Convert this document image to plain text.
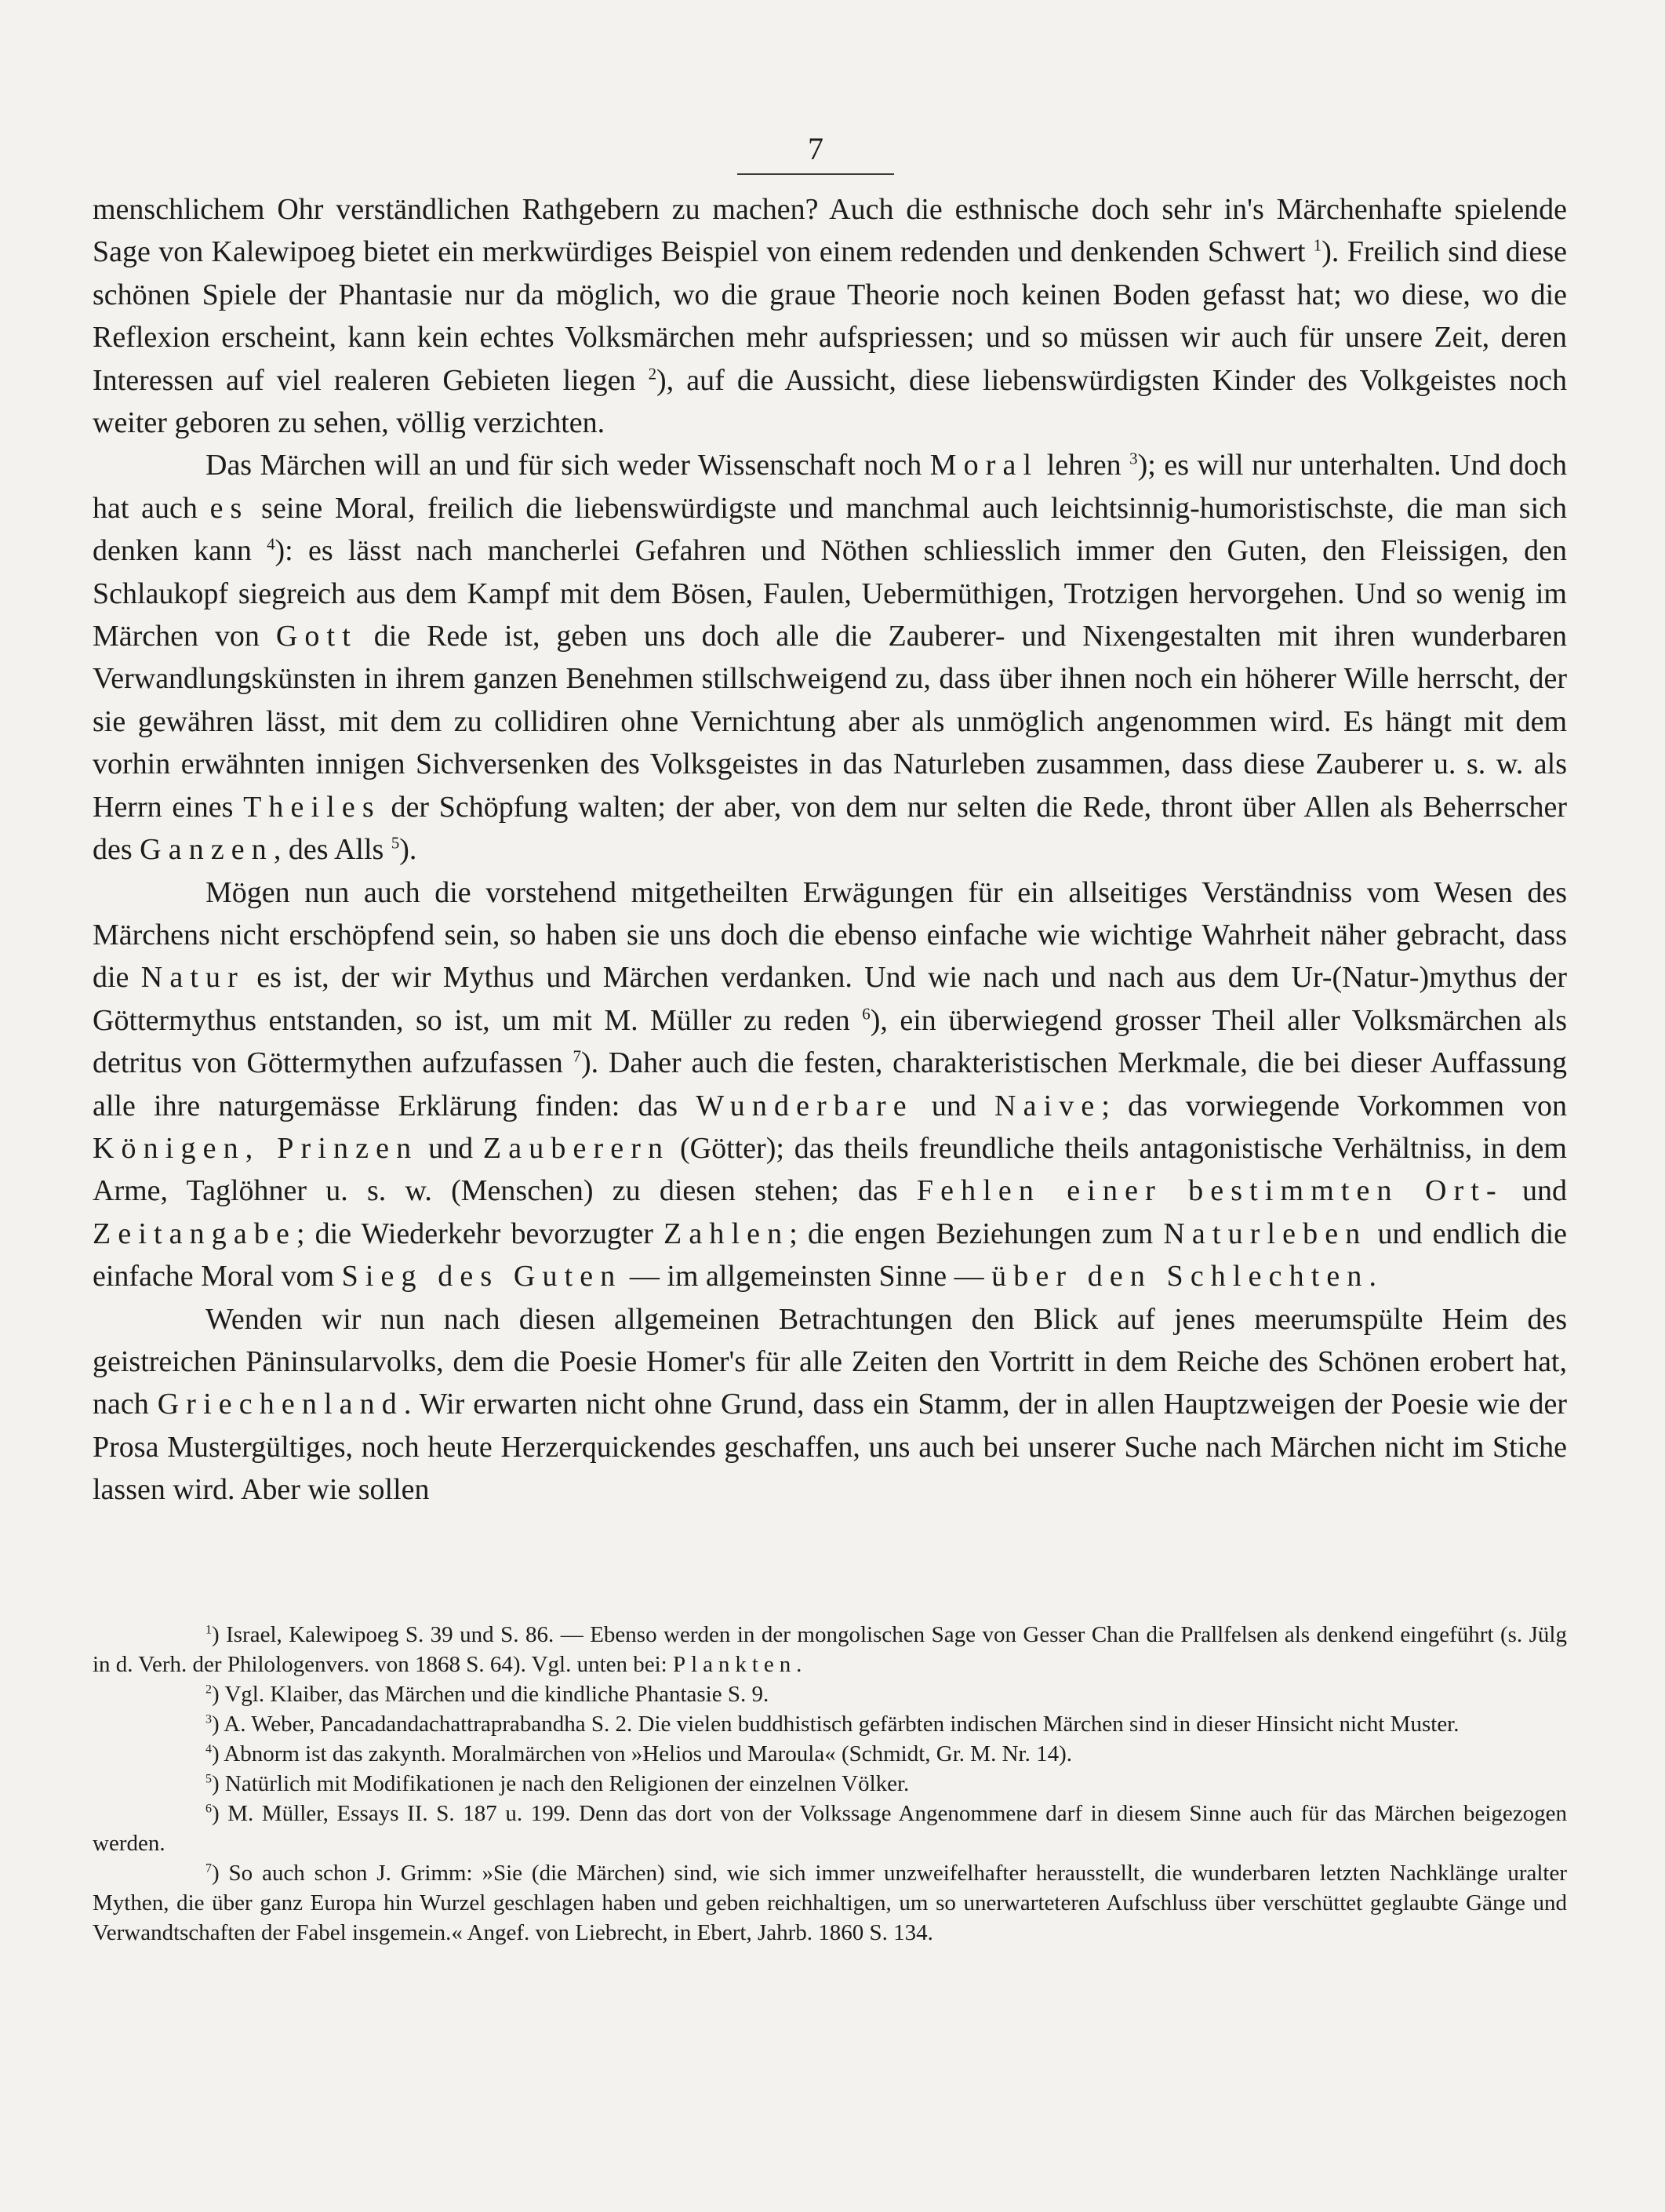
7

menschlichem Ohr verständlichen Rathgebern zu machen? Auch die esthnische doch sehr in's Märchenhafte spielende Sage von Kalewipoeg bietet ein merkwürdiges Beispiel von einem redenden und denkenden Schwert $^1$). Freilich sind diese schönen Spiele der Phantasie nur da möglich, wo die graue Theorie noch keinen Boden gefasst hat; wo diese, wo die Reflexion erscheint, kann kein echtes Volksmärchen mehr aufspriessen; und so müssen wir auch für unsere Zeit, deren Interessen auf viel realeren Gebieten liegen $^2$), auf die Aussicht, diese liebenswürdigsten Kinder des Volkgeistes noch weiter geboren zu sehen, völlig verzichten.

Das Märchen will an und für sich weder Wissenschaft noch Moral lehren $^3$); es will nur unterhalten. Und doch hat auch es seine Moral, freilich die liebenswürdigste und manchmal auch leichtsinnig-humoristischste, die man sich denken kann $^4$): es lässt nach mancherlei Gefahren und Nöthen schliesslich immer den Guten, den Fleissigen, den Schlaukopf siegreich aus dem Kampf mit dem Bösen, Faulen, Uebermüthigen, Trotzigen hervorgehen. Und so wenig im Märchen von Gott die Rede ist, geben uns doch alle die Zauberer- und Nixengestalten mit ihren wunderbaren Verwandlungskünsten in ihrem ganzen Benehmen stillschweigend zu, dass über ihnen noch ein höherer Wille herrscht, der sie gewähren lässt, mit dem zu collidiren ohne Vernichtung aber als unmöglich angenommen wird. Es hängt mit dem vorhin erwähnten innigen Sichversenken des Volksgeistes in das Naturleben zusammen, dass diese Zauberer u. s. w. als Herrn eines Theiles der Schöpfung walten; der aber, von dem nur selten die Rede, thront über Allen als Beherrscher des Ganzen, des Alls $^5$).

Mögen nun auch die vorstehend mitgetheilten Erwägungen für ein allseitiges Verständniss vom Wesen des Märchens nicht erschöpfend sein, so haben sie uns doch die ebenso einfache wie wichtige Wahrheit näher gebracht, dass die Natur es ist, der wir Mythus und Märchen verdanken. Und wie nach und nach aus dem Ur-(Natur-)mythus der Göttermythus entstanden, so ist, um mit M. Müller zu reden $^6$), ein überwiegend grosser Theil aller Volksmärchen als detritus von Göttermythen aufzufassen $^7$). Daher auch die festen, charakteristischen Merkmale, die bei dieser Auffassung alle ihre naturgemässe Erklärung finden: das Wunderbare und Naive; das vorwiegende Vorkommen von Königen, Prinzen und Zauberern (Götter); das theils freundliche theils antagonistische Verhältniss, in dem Arme, Taglöhner u. s. w. (Menschen) zu diesen stehen; das Fehlen einer bestimmten Ort- und Zeitangabe; die Wiederkehr bevorzugter Zahlen; die engen Beziehungen zum Naturleben und endlich die einfache Moral vom Sieg des Guten — im allgemeinsten Sinne — über den Schlechten.

Wenden wir nun nach diesen allgemeinen Betrachtungen den Blick auf jenes meerumspülte Heim des geistreichen Päninsularvolks, dem die Poesie Homer's für alle Zeiten den Vortritt in dem Reiche des Schönen erobert hat, nach Griechenland. Wir erwarten nicht ohne Grund, dass ein Stamm, der in allen Hauptzweigen der Poesie wie der Prosa Mustergültiges, noch heute Herzerquickendes geschaffen, uns auch bei unserer Suche nach Märchen nicht im Stiche lassen wird. Aber wie sollen

$^1$) Israel, Kalewipoeg S. 39 und S. 86. — Ebenso werden in der mongolischen Sage von Gesser Chan die Prallfelsen als denkend eingeführt (s. Jülg in d. Verh. der Philologenvers. von 1868 S. 64). Vgl. unten bei: Plankten.

$^2$) Vgl. Klaiber, das Märchen und die kindliche Phantasie S. 9.

$^3$) A. Weber, Pancadandachattraprabandha S. 2. Die vielen buddhistisch gefärbten indischen Märchen sind in dieser Hinsicht nicht Muster.

$^4$) Abnorm ist das zakynth. Moralmärchen von »Helios und Maroula« (Schmidt, Gr. M. Nr. 14).

$^5$) Natürlich mit Modifikationen je nach den Religionen der einzelnen Völker.

$^6$) M. Müller, Essays II. S. 187 u. 199. Denn das dort von der Volkssage Angenommene darf in diesem Sinne auch für das Märchen beigezogen werden.

$^7$) So auch schon J. Grimm: »Sie (die Märchen) sind, wie sich immer unzweifelhafter herausstellt, die wunderbaren letzten Nachklänge uralter Mythen, die über ganz Europa hin Wurzel geschlagen haben und geben reichhaltigen, um so unerwarteteren Aufschluss über verschüttet geglaubte Gänge und Verwandtschaften der Fabel insgemein.« Angef. von Liebrecht, in Ebert, Jahrb. 1860 S. 134.
